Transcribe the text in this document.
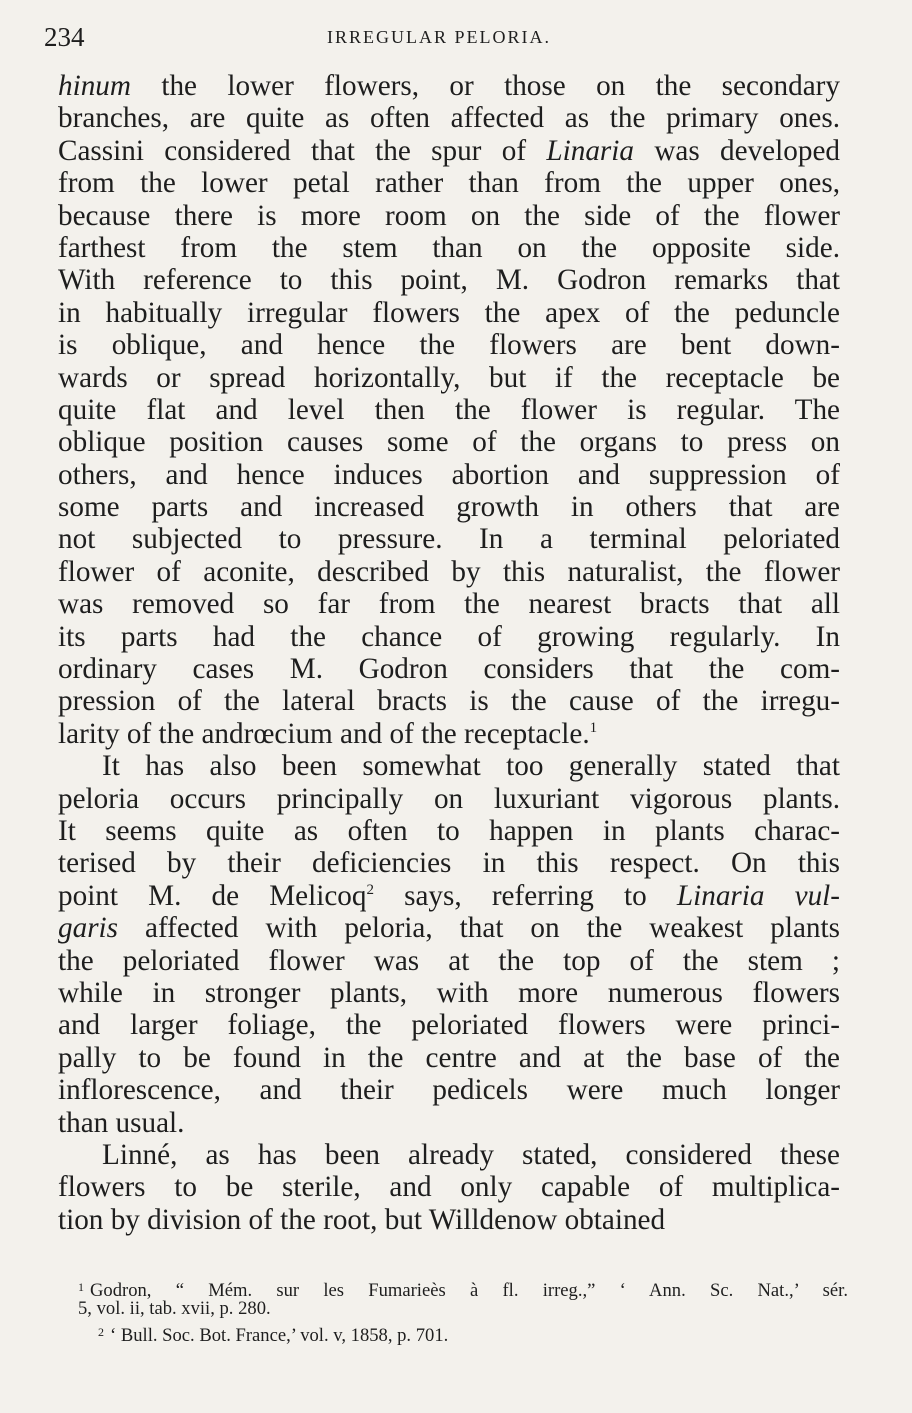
234	IRREGULAR PELORIA.
hinum the lower flowers, or those on the secondary
branches, are quite as often affected as the primary ones.
Cassini considered that the spur of Linaria was developed
from the lower petal rather than from the upper ones,
because there is more room on the side of the flower
farthest from the stem than on the opposite side.
With reference to this point, M. Godron remarks that
in habitually irregular flowers the apex of the peduncle
is oblique, and hence the flowers are bent down-
wards or spread horizontally, but if the receptacle be
quite flat and level then the flower is regular. The
oblique position causes some of the organs to press on
others, and hence induces abortion and suppression of
some parts and increased growth in others that are
not subjected to pressure. In a terminal peloriated
flower of aconite, described by this naturalist, the flower
was removed so far from the nearest bracts that all
its parts had the chance of growing regularly. In
ordinary cases M. Godron considers that the com-
pression of the lateral bracts is the cause of the irregu-
larity of the andrœcium and of the receptacle.$^1$
It has also been somewhat too generally stated that
peloria occurs principally on luxuriant vigorous plants.
It seems quite as often to happen in plants charac-
terised by their deficiencies in this respect. On this
point M. de Melicoq$^2$ says, referring to Linaria vul-
garis affected with peloria, that on the weakest plants
the peloriated flower was at the top of the stem ;
while in stronger plants, with more numerous flowers
and larger foliage, the peloriated flowers were princi-
pally to be found in the centre and at the base of the
inflorescence, and their pedicels were much longer
than usual.
Linné, as has been already stated, considered these
flowers to be sterile, and only capable of multiplica-
tion by division of the root, but Willdenow obtained
$^1$ Godron, “ Mém. sur les Fumarieès à fl. irreg.,” ‘ Ann. Sc. Nat.,’ sér.
5, vol. ii, tab. xvii, p. 280.
$^2$ ‘ Bull. Soc. Bot. France,’ vol. v, 1858, p. 701.
